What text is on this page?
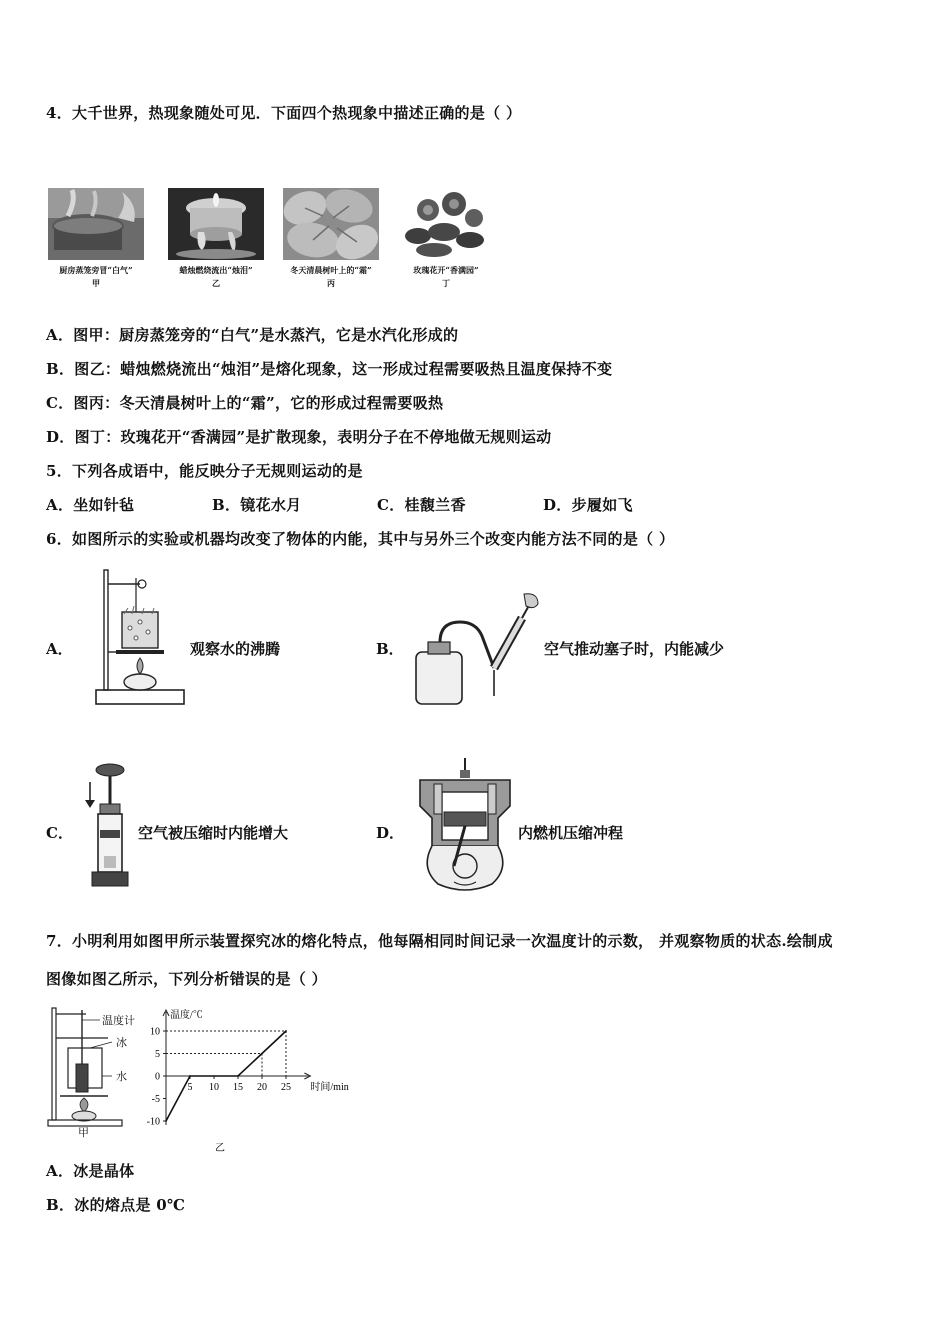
4．大千世界，热现象随处可见．下面四个热现象中描述正确的是（ ）
厨房蒸笼旁冒“白气”
甲
蜡烛燃烧流出“烛泪”
乙
冬天清晨树叶上的“霜”
丙
玫瑰花开“香满园”
丁
A．图甲：厨房蒸笼旁的“白气”是水蒸汽，它是水汽化形成的
B．图乙：蜡烛燃烧流出“烛泪”是熔化现象，这一形成过程需要吸热且温度保持不变
C．图丙：冬天清晨树叶上的“霜”，它的形成过程需要吸热
D．图丁：玫瑰花开“香满园”是扩散现象，表明分子在不停地做无规则运动
5．下列各成语中，能反映分子无规则运动的是
A．坐如针毡	B．镜花水月	C．桂馥兰香	D．步履如飞
6．如图所示的实验或机器均改变了物体的内能，其中与另外三个改变内能方法不同的是（ ）
A．	观察水的沸腾	B．	空气推动塞子时，内能减少
C．	空气被压缩时内能增大	D．	内燃机压缩冲程
7．小明利用如图甲所示装置探究冰的熔化特点，他每隔相同时间记录一次温度计的示数， 并观察物质的状态.绘制成
图像如图乙所示，下列分析错误的是（ ）
温度计
冰
水
甲
10
5
0
-5
-10
5 10 15 20 25
温度/℃
时间/min
乙
A．冰是晶体
B．冰的熔点是 0℃
